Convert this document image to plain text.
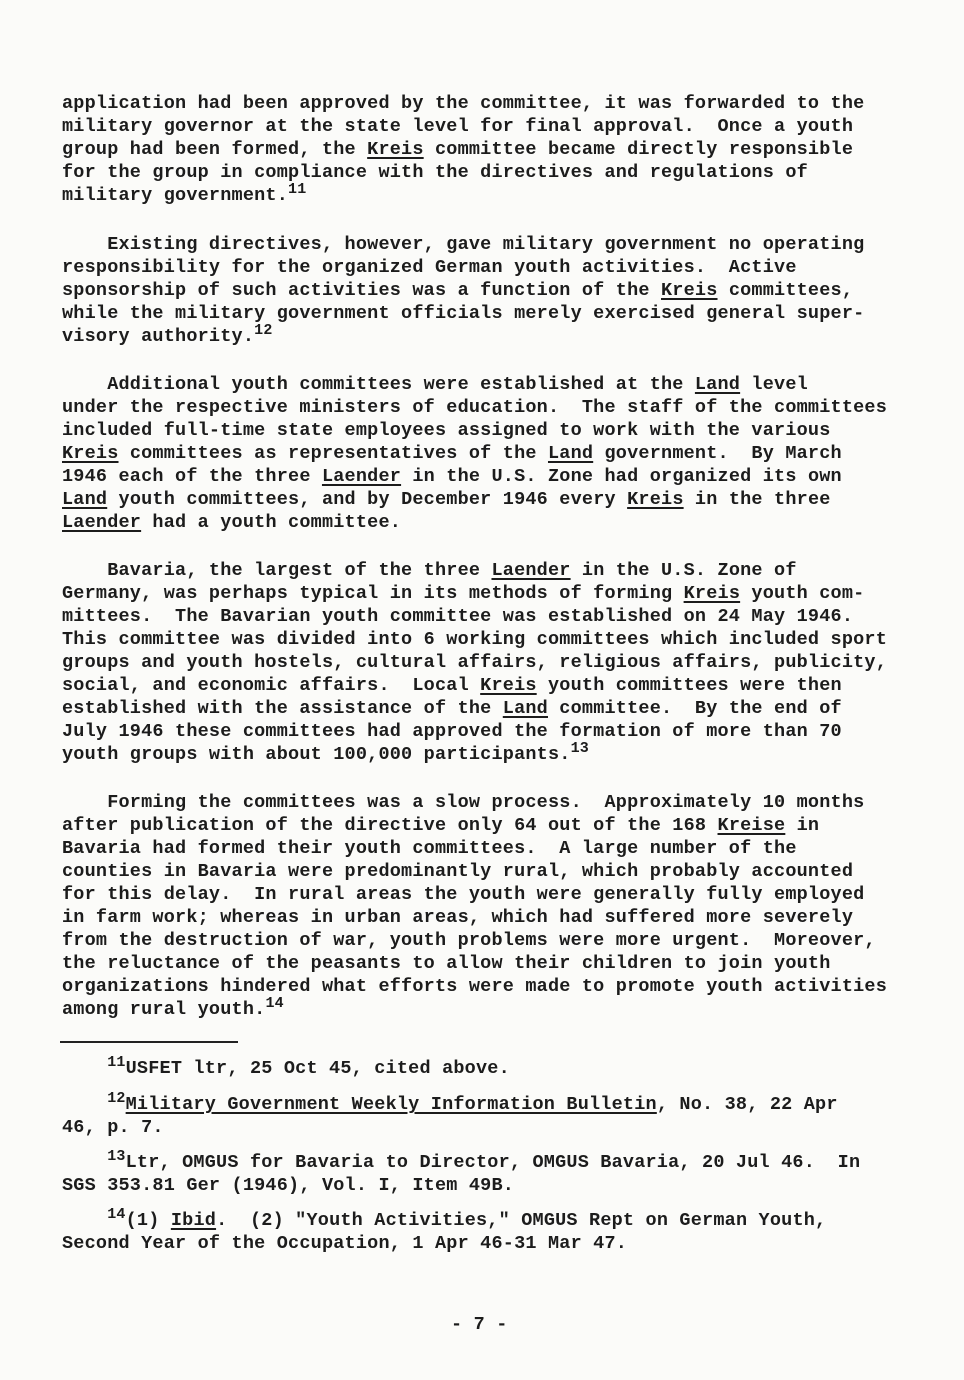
application had been approved by the committee, it was forwarded to the
military governor at the state level for final approval.  Once a youth
group had been formed, the Kreis committee became directly responsible
for the group in compliance with the directives and regulations of
military government.$^{11}$
Existing directives, however, gave military government no operating
responsibility for the organized German youth activities.  Active
sponsorship of such activities was a function of the Kreis committees,
while the military government officials merely exercised general super-
visory authority.$^{12}$
Additional youth committees were established at the Land level
under the respective ministers of education.  The staff of the committees
included full-time state employees assigned to work with the various
Kreis committees as representatives of the Land government.  By March
1946 each of the three Laender in the U.S. Zone had organized its own
Land youth committees, and by December 1946 every Kreis in the three
Laender had a youth committee.
Bavaria, the largest of the three Laender in the U.S. Zone of
Germany, was perhaps typical in its methods of forming Kreis youth com-
mittees.  The Bavarian youth committee was established on 24 May 1946.
This committee was divided into 6 working committees which included sport
groups and youth hostels, cultural affairs, religious affairs, publicity,
social, and economic affairs.  Local Kreis youth committees were then
established with the assistance of the Land committee.  By the end of
July 1946 these committees had approved the formation of more than 70
youth groups with about 100,000 participants.$^{13}$
Forming the committees was a slow process.  Approximately 10 months
after publication of the directive only 64 out of the 168 Kreise in
Bavaria had formed their youth committees.  A large number of the
counties in Bavaria were predominantly rural, which probably accounted
for this delay.  In rural areas the youth were generally fully employed
in farm work; whereas in urban areas, which had suffered more severely
from the destruction of war, youth problems were more urgent.  Moreover,
the reluctance of the peasants to allow their children to join youth
organizations hindered what efforts were made to promote youth activities
among rural youth.$^{14}$
$^{11}$USFET ltr, 25 Oct 45, cited above.
$^{12}$Military Government Weekly Information Bulletin, No. 38, 22 Apr
46, p. 7.
$^{13}$Ltr, OMGUS for Bavaria to Director, OMGUS Bavaria, 20 Jul 46.  In
SGS 353.81 Ger (1946), Vol. I, Item 49B.
$^{14}$(1) Ibid.  (2) "Youth Activities," OMGUS Rept on German Youth,
Second Year of the Occupation, 1 Apr 46-31 Mar 47.
- 7 -
